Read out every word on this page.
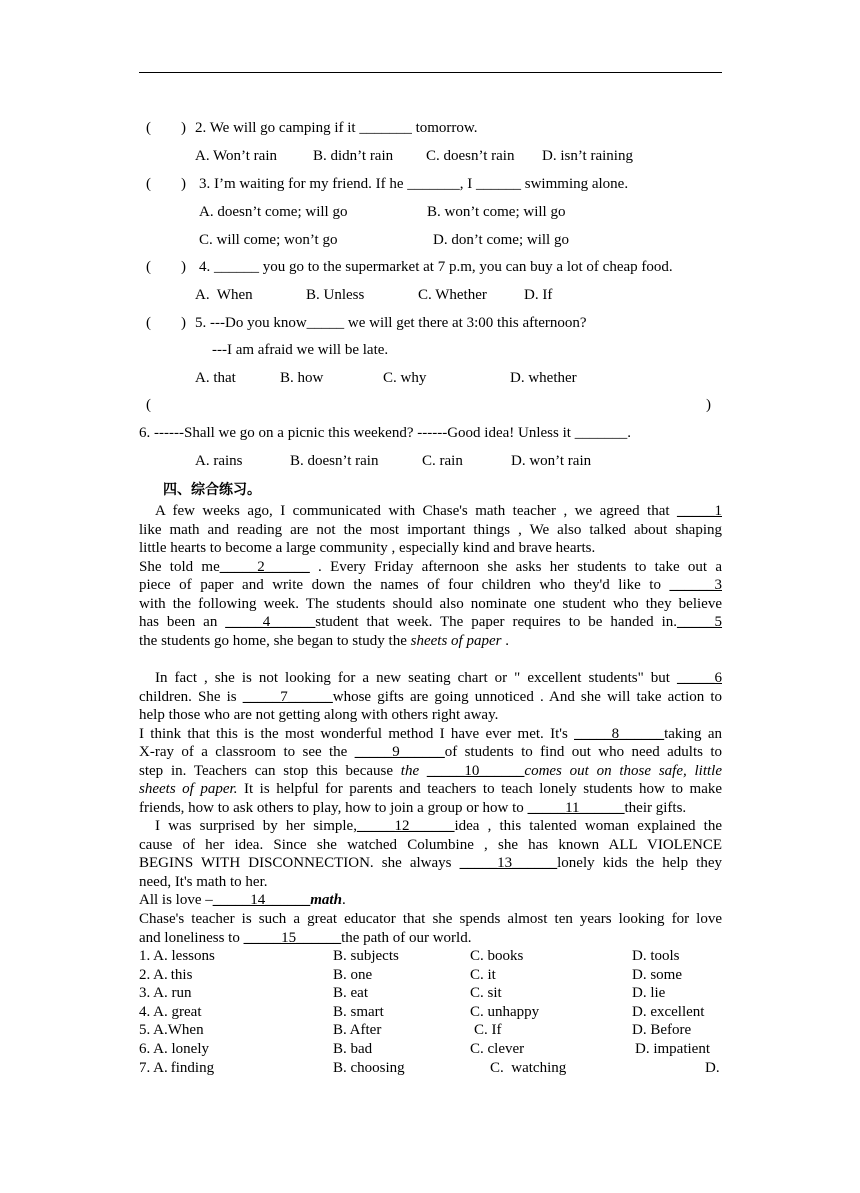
(        ) 2. We will go camping if it _______ tomorrow.
A. Won’t rain B. didn’t rain C. doesn’t rain D. isn’t raining
(        ) 3. I’m waiting for my friend. If he _______, I ______ swimming alone.
A. doesn’t come; will go	B. won’t come; will go
C. will come; won’t go	D. don’t come; will go
(        ) 4. ______ you go to the supermarket at 7 p.m, you can buy a lot of cheap food.
A.  When	B. Unless	C. Whether D. If
(        ) 5. ---Do you know_____ we will get there at 3:00 this afternoon?
---I am afraid we will be late.
A. that	B. how	C. why	D. whether
(	)
6. ------Shall we go on a picnic this weekend? ------Good idea! Unless it _______.
A. rains	B. doesn’t rain	C. rain	D. won’t rain
四、综合练习。
A few weeks ago, I communicated with Chase's math teacher , we agreed that _____1
like math and reading are not the most important things , We also talked about shaping
little hearts to become a large community , especially kind and brave hearts.
She told me_____2______ . Every Friday afternoon she asks her students to take out a
piece of paper and write down the names of four children who they'd like to ______3
with the following week. The students should also nominate one student who they believe
has been an _____4______student that week. The paper requires to be handed in._____5
the students go home, she began to study the sheets of paper .
In fact , she is not looking for a new seating chart or " excellent students" but _____6
children. She is _____7______whose gifts are going unnoticed . And she will take action to
help those who are not getting along with others right away.
I think that this is the most wonderful method I have ever met. It's _____8______taking an
X-ray of a classroom to see the _____9______of students to find out who need adults to
step in. Teachers can stop this because the _____10______comes out on those safe, little
sheets of paper. It is helpful for parents and teachers to teach lonely students how to make
friends, how to ask others to play, how to join a group or how to _____11______their gifts.
I was surprised by her simple,_____12______idea , this talented woman explained the
cause of her idea. Since she watched Columbine , she has known ALL VIOLENCE
BEGINS WITH DISCONNECTION. she always _____13______lonely kids the help they
need, It's math to her.
All is love –_____14______math.
Chase's teacher is such a great educator that she spends almost ten years looking for love
and loneliness to _____15______the path of our world.
1. A. lessons	B. subjects	C. books	D. tools
2. A. this	B. one	C. it	D. some
3. A. run	B. eat	C. sit	D. lie
4. A. great	B. smart	C. unhappy	D. excellent
5. A.When	B. After	C. If	D. Before
6. A. lonely	B. bad	C. clever	D. impatient
7. A. finding	B. choosing	C.  watching	D.
